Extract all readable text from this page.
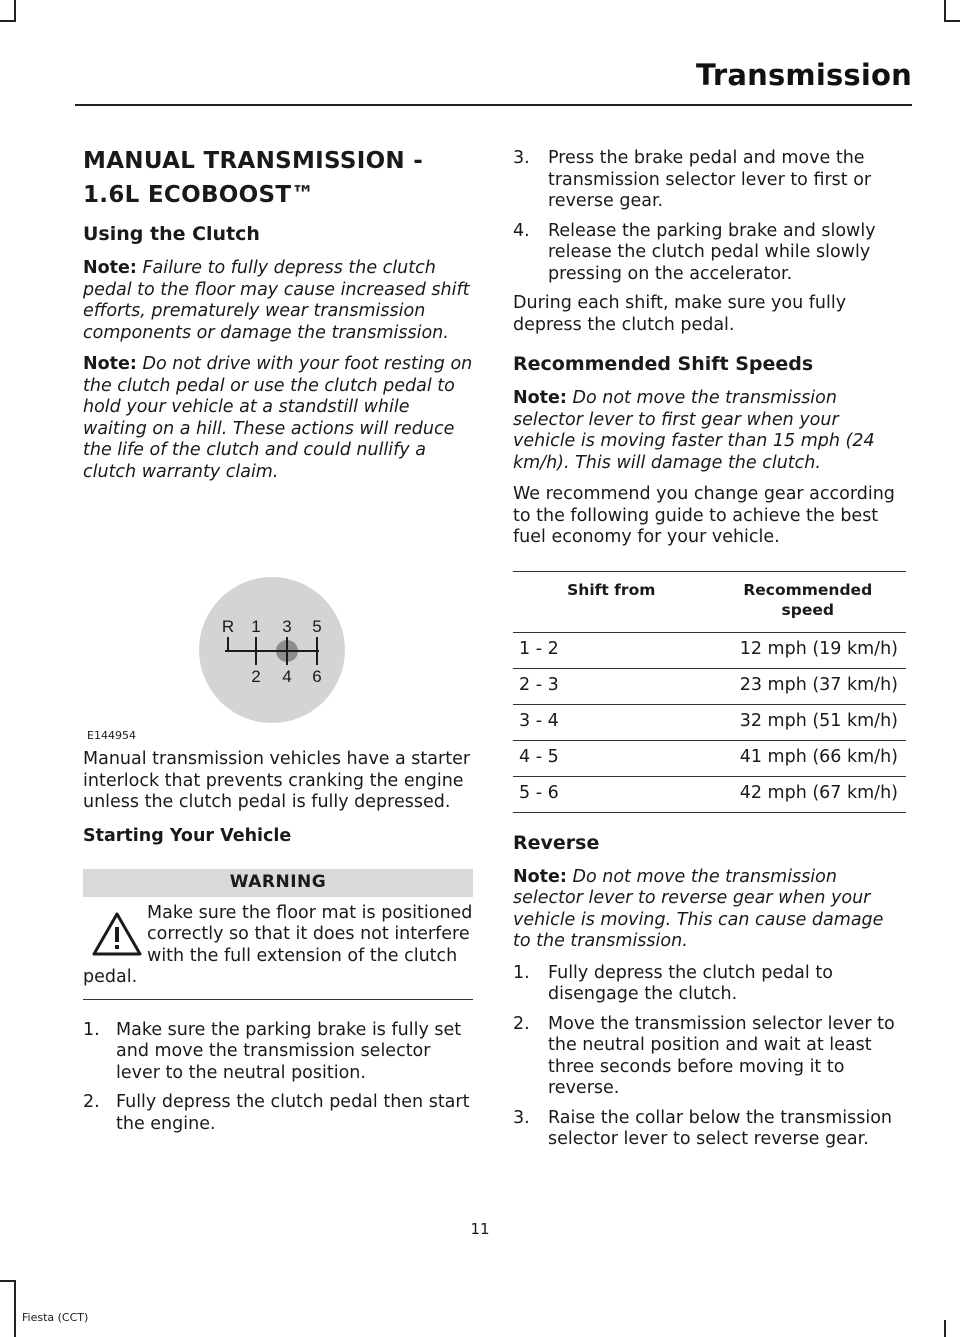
Transmission
MANUAL TRANSMISSION -
1.6L ECOBOOST™
Using the Clutch

Note: Failure to fully depress the clutch pedal to the floor may cause increased shift efforts, prematurely wear transmission components or damage the transmission.

Note: Do not drive with your foot resting on the clutch pedal or use the clutch pedal to hold your vehicle at a standstill while waiting on a hill. These actions will reduce the life of the clutch and could nullify a clutch warranty claim.

R 1 3 5
2 4 6
E144954

Manual transmission vehicles have a starter interlock that prevents cranking the engine unless the clutch pedal is fully depressed.

Starting Your Vehicle
WARNING

Make sure the floor mat is positioned correctly so that it does not interfere with the full extension of the clutch pedal.

1. Make sure the parking brake is fully set and move the transmission selector lever to the neutral position.
2. Fully depress the clutch pedal then start the engine.
3. Press the brake pedal and move the transmission selector lever to first or reverse gear.
4. Release the parking brake and slowly release the clutch pedal while slowly pressing on the accelerator.

During each shift, make sure you fully depress the clutch pedal.

Recommended Shift Speeds

Note: Do not move the transmission selector lever to first gear when your vehicle is moving faster than 15 mph (24 km/h). This will damage the clutch.

We recommend you change gear according to the following guide to achieve the best fuel economy for your vehicle.

Shift from	Recommended speed

1 - 2	12 mph (19 km/h)
2 - 3	23 mph (37 km/h)
3 - 4	32 mph (51 km/h)
4 - 5	41 mph (66 km/h)
5 - 6	42 mph (67 km/h)
Reverse

Note: Do not move the transmission selector lever to reverse gear when your vehicle is moving. This can cause damage to the transmission.

1. Fully depress the clutch pedal to disengage the clutch.
2. Move the transmission selector lever to the neutral position and wait at least three seconds before moving it to reverse.
3. Raise the collar below the transmission selector lever to select reverse gear.
11
Fiesta (CCT)
